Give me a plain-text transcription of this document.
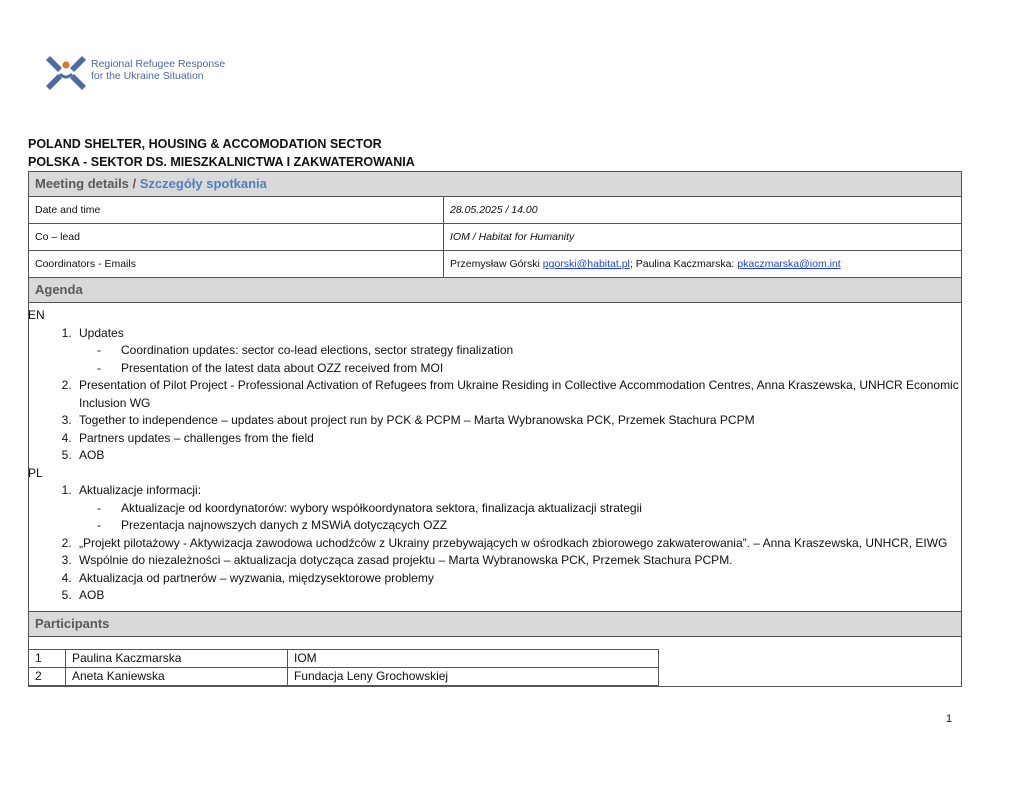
Regional Refugee Response
for the Ukraine Situation
POLAND SHELTER, HOUSING & ACCOMODATION SECTOR
POLSKA - SEKTOR DS. MIESZKALNICTWA I ZAKWATEROWANIA
Meeting details / Szczegóły spotkania
Date and time	28.05.2025 / 14.00
Co – lead	IOM / Habitat for Humanity
Coordinators - Emails	Przemysław Górski pgorski@habitat.pl; Paulina Kaczmarska: pkaczmarska@iom.int
Agenda
EN
1. Updates
- Coordination updates: sector co-lead elections, sector strategy finalization
- Presentation of the latest data about OZZ received from MOI
2. Presentation of Pilot Project - Professional Activation of Refugees from Ukraine Residing in Collective Accommodation Centres, Anna Kraszewska, UNHCR Economic Inclusion WG
3. Together to independence – updates about project run by PCK & PCPM – Marta Wybranowska PCK, Przemek Stachura PCPM
4. Partners updates – challenges from the field
5. AOB
PL
1. Aktualizacje informacji:
- Aktualizacje od koordynatorów: wybory współkoordynatora sektora, finalizacja aktualizacji strategii
- Prezentacja najnowszych danych z MSWiA dotyczących OZZ
2. „Projekt pilotażowy - Aktywizacja zawodowa uchodźców z Ukrainy przebywających w ośrodkach zbiorowego zakwaterowania”. – Anna Kraszewska, UNHCR, EIWG
3. Wspólnie do niezależności – aktualizacja dotycząca zasad projektu – Marta Wybranowska PCK, Przemek Stachura PCPM.
4. Aktualizacja od partnerów – wyzwania, międzysektorowe problemy
5. AOB
Participants
1	Paulina Kaczmarska	IOM
2	Aneta Kaniewska	Fundacja Leny Grochowskiej
1
